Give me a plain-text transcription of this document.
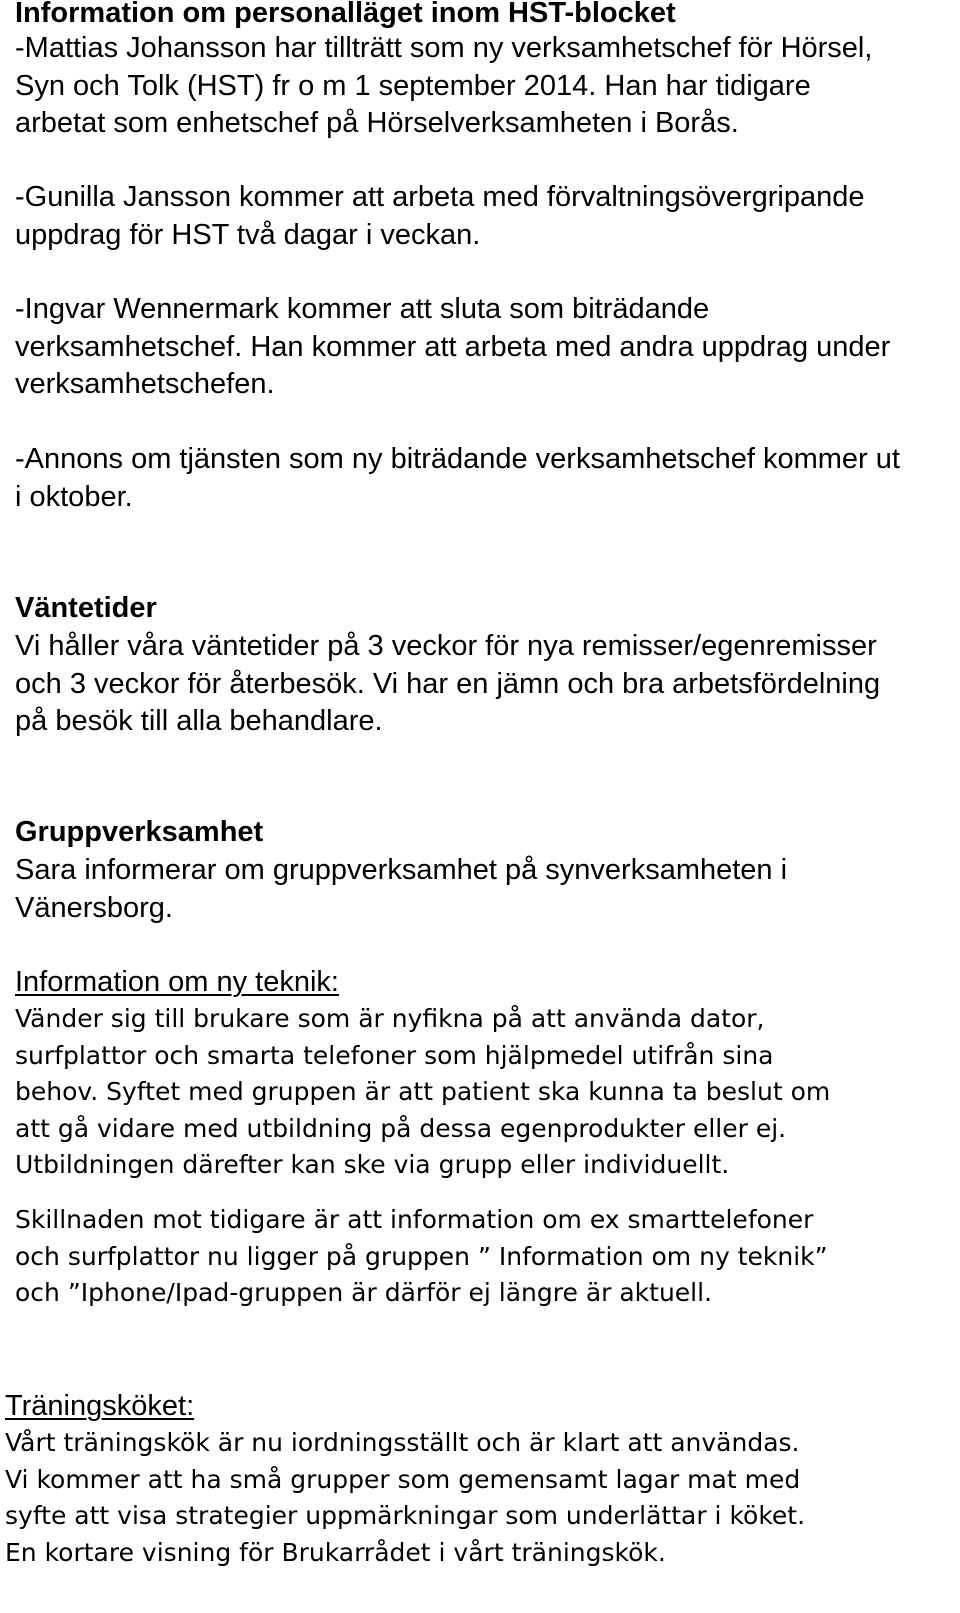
Information om personalläget inom HST-blocket
-Mattias Johansson har tillträtt som ny verksamhetschef för Hörsel,
Syn och Tolk (HST) fr o m 1 september 2014. Han har tidigare
arbetat som enhetschef på Hörselverksamheten i Borås.
-Gunilla Jansson kommer att arbeta med förvaltningsövergripande
uppdrag för HST två dagar i veckan.
-Ingvar Wennermark kommer att sluta som biträdande
verksamhetschef. Han kommer att arbeta med andra uppdrag under
verksamhetschefen.
-Annons om tjänsten som ny biträdande verksamhetschef kommer ut
i oktober.
Väntetider
Vi håller våra väntetider på 3 veckor för nya remisser/egenremisser
och 3 veckor för återbesök. Vi har en jämn och bra arbetsfördelning
på besök till alla behandlare.
Gruppverksamhet
Sara informerar om gruppverksamhet på synverksamheten i
Vänersborg.
Information om ny teknik:
Vänder sig till brukare som är nyfikna på att använda dator,
surfplattor och smarta telefoner som hjälpmedel utifrån sina
behov. Syftet med gruppen är att patient ska kunna ta beslut om
att gå vidare med utbildning på dessa egenprodukter eller ej.
Utbildningen därefter kan ske via grupp eller individuellt.
Skillnaden mot tidigare är att information om ex smarttelefoner
och surfplattor nu ligger på gruppen ” Information om ny teknik”
och ”Iphone/Ipad-gruppen är därför ej längre är aktuell.
Träningsköket:
Vårt träningskök är nu iordningsställt och är klart att användas.
Vi kommer att ha små grupper som gemensamt lagar mat med
syfte att visa strategier uppmärkningar som underlättar i köket.
En kortare visning för Brukarrådet i vårt träningskök.
